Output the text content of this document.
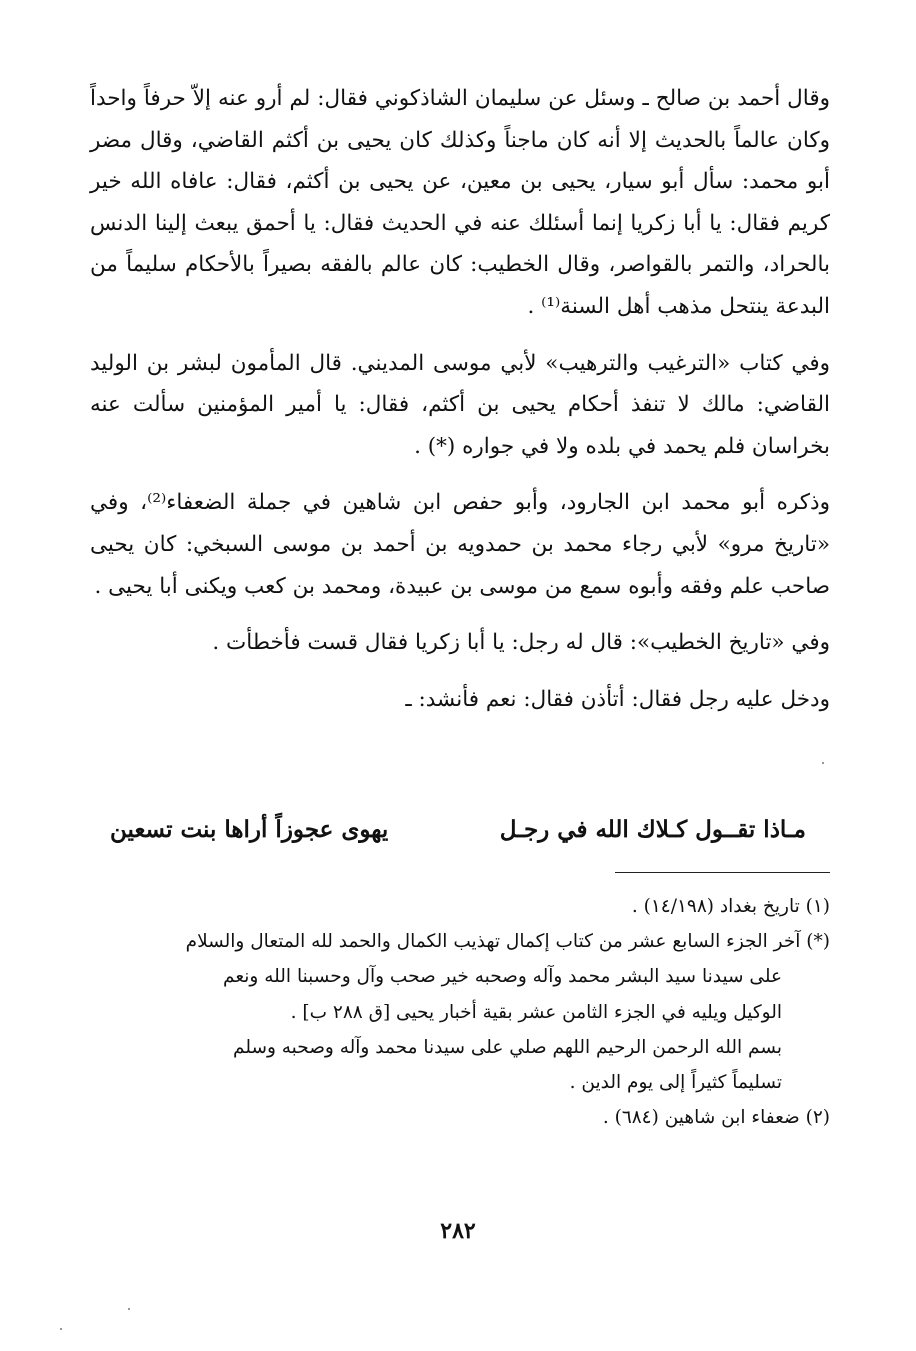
وقال أحمد بن صالح ـ وسئل عن سليمان الشاذكوني فقال: لم أرو عنه إلاّ حرفاً واحداً وكان عالماً بالحديث إلا أنه كان ماجناً وكذلك كان يحيى بن أكثم القاضي، وقال مضر أبو محمد: سأل أبو سيار، يحيى بن معين، عن يحيى بن أكثم، فقال: عافاه الله خير كريم فقال: يا أبا زكريا إنما أسئلك عنه في الحديث فقال: يا أحمق يبعث إلينا الدنس بالحراد، والتمر بالقواصر، وقال الخطيب: كان عالم بالفقه بصيراً بالأحكام سليماً من البدعة ينتحل مذهب أهل السنة⁽¹⁾ .

وفي كتاب «الترغيب والترهيب» لأبي موسى المديني. قال المأمون لبشر بن الوليد القاضي: مالك لا تنفذ أحكام يحيى بن أكثم، فقال: يا أمير المؤمنين سألت عنه بخراسان فلم يحمد في بلده ولا في جواره (*) .

وذكره أبو محمد ابن الجارود، وأبو حفص ابن شاهين في جملة الضعفاء⁽²⁾، وفي «تاريخ مرو» لأبي رجاء محمد بن حمدويه بن أحمد بن موسى السبخي: كان يحيى صاحب علم وفقه وأبوه سمع من موسى بن عبيدة، ومحمد بن كعب ويكنى أبا يحيى .

وفي «تاريخ الخطيب»: قال له رجل: يا أبا زكريا فقال قست فأخطأت .

ودخل عليه رجل فقال: أتأذن فقال: نعم فأنشد: ـ

مـاذا تقــول كـلاك الله في رجـل
يهوى عجوزاً أراها بنت تسعين

(١) تاريخ بغداد (١٤/١٩٨) .

(*) آخر الجزء السابع عشر من كتاب إكمال تهذيب الكمال والحمد لله المتعال والسلام

على سيدنا سيد البشر محمد وآله وصحبه خير صحب وآل وحسبنا الله ونعم

الوكيل ويليه في الجزء الثامن عشر بقية أخبار يحيى [ق ٢٨٨ ب] .

بسم الله الرحمن الرحيم اللهم صلي على سيدنا محمد وآله وصحبه وسلم

تسليماً كثيراً إلى يوم الدين .

(٢) ضعفاء ابن شاهين (٦٨٤) .

٢٨٢
